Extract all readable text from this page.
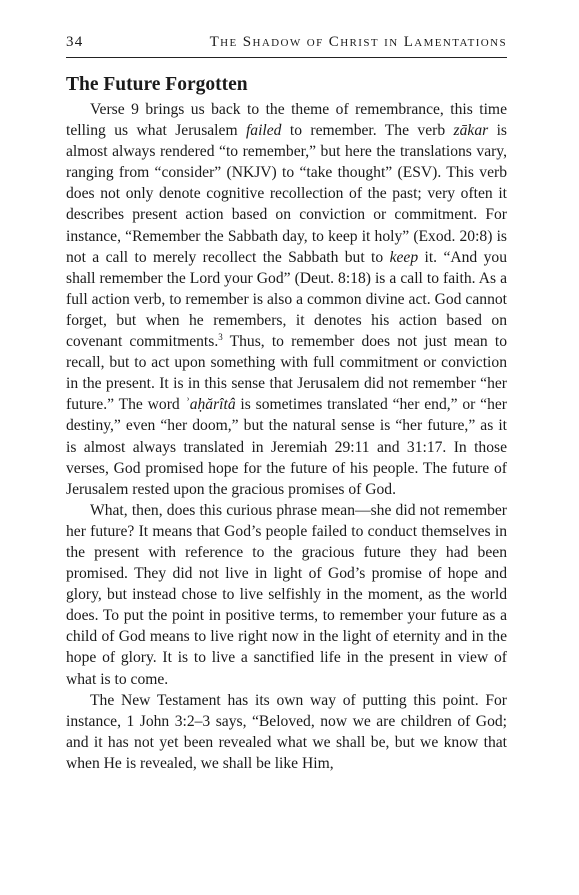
34	The Shadow of Christ in Lamentations
The Future Forgotten

Verse 9 brings us back to the theme of remembrance, this time telling us what Jerusalem failed to remember. The verb zākar is almost always rendered “to remember,” but here the translations vary, ranging from “consider” (NKJV) to “take thought” (ESV). This verb does not only denote cognitive recollection of the past; very often it describes present action based on conviction or commitment. For instance, “Remember the Sabbath day, to keep it holy” (Exod. 20:8) is not a call to merely recollect the Sabbath but to keep it. “And you shall remember the Lord your God” (Deut. 8:18) is a call to faith. As a full action verb, to remember is also a common divine act. God cannot forget, but when he remembers, it denotes his action based on covenant commitments.$^3$ Thus, to remember does not just mean to recall, but to act upon something with full commitment or conviction in the present. It is in this sense that Jerusalem did not remember “her future.” The word ʾaḥărîtâ is sometimes translated “her end,” or “her destiny,” even “her doom,” but the natural sense is “her future,” as it is almost always translated in Jeremiah 29:11 and 31:17. In those verses, God promised hope for the future of his people. The future of Jerusalem rested upon the gracious promises of God.

What, then, does this curious phrase mean—she did not remember her future? It means that God’s people failed to conduct themselves in the present with reference to the gracious future they had been promised. They did not live in light of God’s promise of hope and glory, but instead chose to live selfishly in the moment, as the world does. To put the point in positive terms, to remember your future as a child of God means to live right now in the light of eternity and in the hope of glory. It is to live a sanctified life in the present in view of what is to come.

The New Testament has its own way of putting this point. For instance, 1 John 3:2–3 says, “Beloved, now we are children of God; and it has not yet been revealed what we shall be, but we know that when He is revealed, we shall be like Him,
